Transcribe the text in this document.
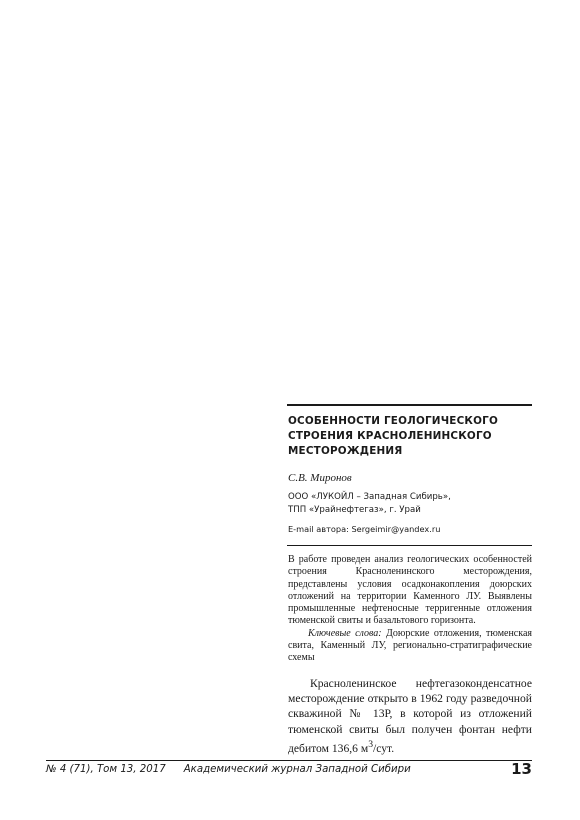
ОСОБЕННОСТИ ГЕОЛОГИЧЕСКОГО
СТРОЕНИЯ КРАСНОЛЕНИНСКОГО
МЕСТОРОЖДЕНИЯ
С.В. Миронов
ООО «ЛУКОЙЛ – Западная Сибирь»,
ТПП «Урайнефтегаз», г. Урай
E-mail автора: Sergeimir@yandex.ru
В работе проведен анализ геологических особенностей строения Красноленинского месторождения, представлены условия осадконакопления доюрских отложений на территории Каменного ЛУ. Выявлены промышленные нефтеносные терригенные отложения тюменской свиты и базальтового горизонта.
Ключевые слова: Доюрские отложения, тюменская свита, Каменный ЛУ, регионально-стратиграфические схемы

Красноленинское нефтегазоконденсатное месторождение открыто в 1962 году разведочной скважиной № 13Р, в которой из отложений тюменской свиты был получен фонтан нефти дебитом 136,6 $м^3$/сут.

№ 4 (71), Том 13, 2017 Академический журнал Западной Сибири	13
